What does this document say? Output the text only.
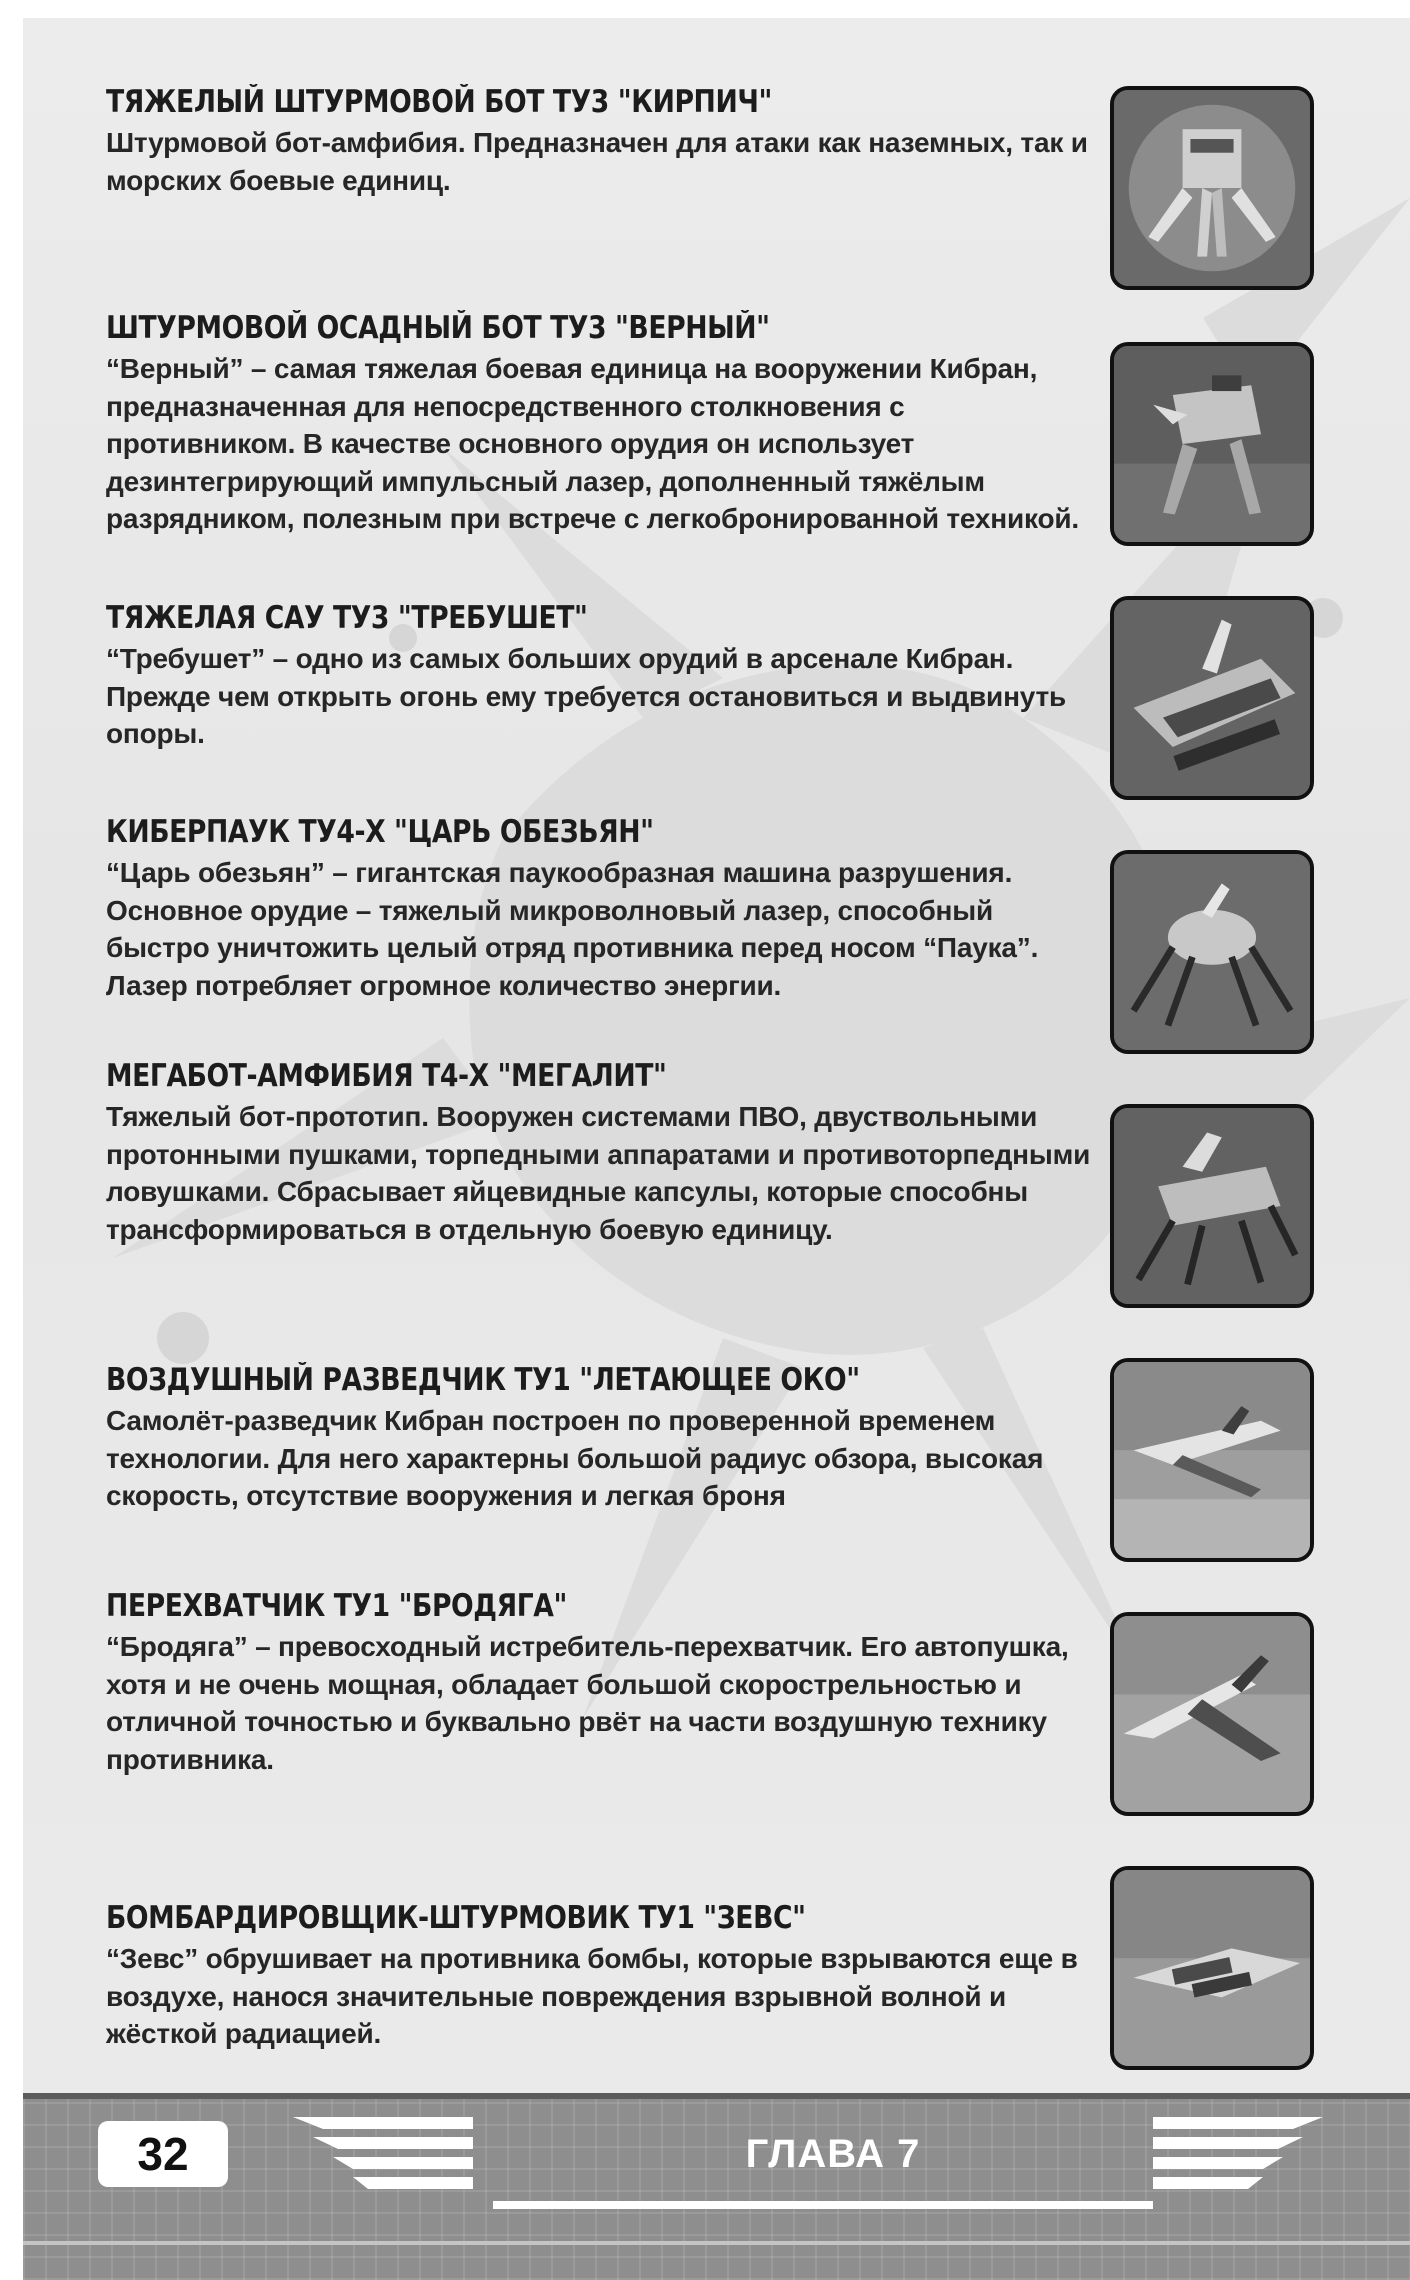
ТЯЖЕЛЫЙ ШТУРМОВОЙ БОТ ТУ3 "КИРПИЧ"

Штурмовой бот-амфибия. Предназначен для атаки как наземных, так и морских боевые единиц.

ШТУРМОВОЙ ОСАДНЫЙ БОТ ТУ3 "ВЕРНЫЙ"

“Верный” – самая тяжелая боевая единица на вооружении Кибран, предназначенная для непосредственного столкновения с противником. В качестве основного орудия он использует дезинтегрирующий импульсный лазер, дополненный тяжёлым разрядником, полезным при встрече с легкобронированной техникой.

ТЯЖЕЛАЯ САУ ТУ3 "ТРЕБУШЕТ"

“Требушет” – одно из самых больших орудий в арсенале Кибран. Прежде чем открыть огонь ему требуется остановиться и выдвинуть опоры.

КИБЕРПАУК ТУ4-Х "ЦАРЬ ОБЕЗЬЯН"

“Царь обезьян” – гигантская паукообразная машина разрушения. Основное орудие – тяжелый микроволновый лазер, способный быстро уничтожить целый отряд противника перед носом “Паука”. Лазер потребляет огромное количество энергии.

МЕГАБОТ-АМФИБИЯ Т4-Х "МЕГАЛИТ"

Тяжелый бот-прототип. Вооружен системами ПВО, двуствольными протонными пушками, торпедными аппаратами и противоторпедными ловушками. Сбрасывает яйцевидные капсулы, которые способны трансформироваться в отдельную боевую единицу.

ВОЗДУШНЫЙ РАЗВЕДЧИК ТУ1 "ЛЕТАЮЩЕЕ ОКО"

Самолёт-разведчик Кибран построен по проверенной временем технологии. Для него характерны большой радиус обзора, высокая скорость, отсутствие вооружения и легкая броня

ПЕРЕХВАТЧИК ТУ1 "БРОДЯГА"

“Бродяга” – превосходный истребитель-перехватчик. Его автопушка, хотя и не очень мощная, обладает большой скорострельностью и отличной точностью и буквально рвёт на части воздушную технику противника.

БОМБАРДИРОВЩИК-ШТУРМОВИК ТУ1 "ЗЕВС"

“Зевс” обрушивает на противника бомбы, которые взрываются еще в воздухе, нанося значительные повреждения взрывной волной и жёсткой радиацией.

32	ГЛАВА 7
